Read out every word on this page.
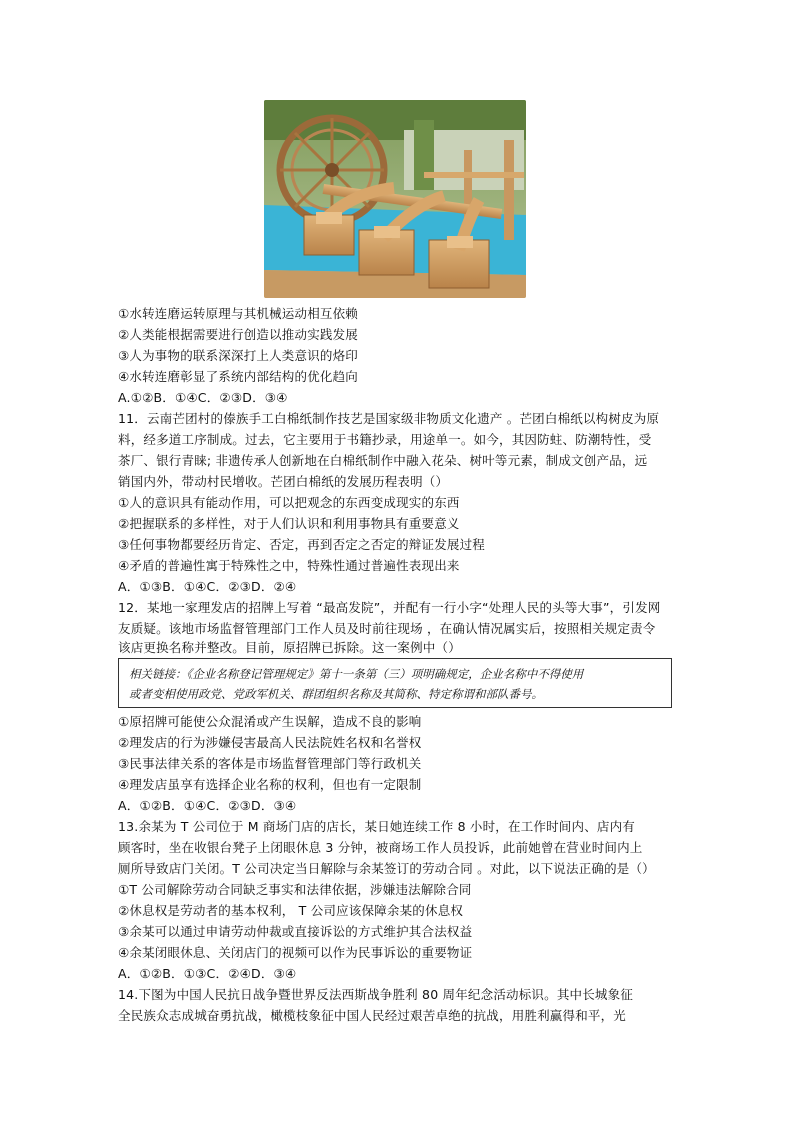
①水转连磨运转原理与其机械运动相互依赖
②人类能根据需要进行创造以推动实践发展
③人为事物的联系深深打上人类意识的烙印
④水转连磨彰显了系统内部结构的优化趋向
A.①②B．①④C．②③D．③④
11．云南芒团村的傣族手工白棉纸制作技艺是国家级非物质文化遗产 。芒团白棉纸以构树皮为原
料，经多道工序制成。过去，它主要用于书籍抄录，用途单一。如今，其因防蛀、防潮特性，受
茶厂、银行青睐; 非遗传承人创新地在白棉纸制作中融入花朵、树叶等元素，制成文创产品，远
销国内外，带动村民增收。芒团白棉纸的发展历程表明（）
①人的意识具有能动作用，可以把观念的东西变成现实的东西
②把握联系的多样性，对于人们认识和利用事物具有重要意义
③任何事物都要经历肯定、否定，再到否定之否定的辩证发展过程
④矛盾的普遍性寓于特殊性之中，特殊性通过普遍性表现出来
A．①③B．①④C．②③D．②④
12．某地一家理发店的招牌上写着 “最高发院”，并配有一行小字“处理人民的头等大事”，引发网
友质疑。该地市场监督管理部门工作人员及时前往现场 ，在确认情况属实后，按照相关规定责令
该店更换名称并整改。目前，原招牌已拆除。这一案例中（）
相关链接：《企业名称登记管理规定》第十一条第（三）项明确规定，企业名称中不得使用
或者变相使用政党、党政军机关、群团组织名称及其简称、特定称谓和部队番号。
①原招牌可能使公众混淆或产生误解，造成不良的影响
②理发店的行为涉嫌侵害最高人民法院姓名权和名誉权
③民事法律关系的客体是市场监督管理部门等行政机关
④理发店虽享有选择企业名称的权利，但也有一定限制
A．①②B．①④C．②③D．③④
13.余某为 T 公司位于 M 商场门店的店长，某日她连续工作 8 小时，在工作时间内、店内有
顾客时，坐在收银台凳子上闭眼休息 3 分钟，被商场工作人员投诉，此前她曾在营业时间内上
厕所导致店门关闭。T 公司决定当日解除与余某签订的劳动合同 。对此，以下说法正确的是（）
①T 公司解除劳动合同缺乏事实和法律依据，涉嫌违法解除合同
②休息权是劳动者的基本权利， T 公司应该保障余某的休息权
③余某可以通过申请劳动仲裁或直接诉讼的方式维护其合法权益
④余某闭眼休息、关闭店门的视频可以作为民事诉讼的重要物证
A．①②B．①③C．②④D．③④
14.下图为中国人民抗日战争暨世界反法西斯战争胜利 80 周年纪念活动标识。其中长城象征
全民族众志成城奋勇抗战，橄榄枝象征中国人民经过艰苦卓绝的抗战，用胜利赢得和平，光
